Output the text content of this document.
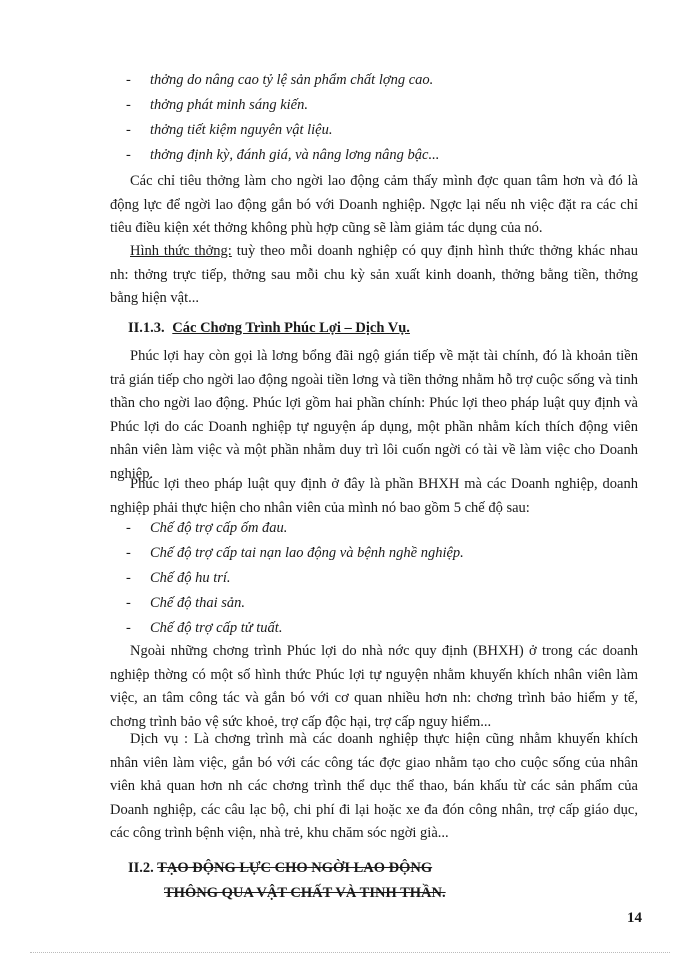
- thởng do nâng cao tỷ lệ sản phẩm chất lợng cao.
- thởng phát minh sáng kiến.
- thởng tiết kiệm nguyên vật liệu.
- thởng định kỳ, đánh giá, và nâng lơng nâng bậc...

Các chỉ tiêu thởng làm cho ngời lao động cảm thấy mình đợc quan tâm hơn và đó là động lực để ngời lao động gắn bó với Doanh nghiệp. Ngợc lại nếu nh việc đặt ra các chỉ tiêu điều kiện xét thởng không phù hợp cũng sẽ làm giảm tác dụng của nó.

Hình thức thởng: tuỳ theo mỗi doanh nghiệp có quy định hình thức thởng khác nhau nh: thởng trực tiếp, thởng sau mỗi chu kỳ sản xuất kinh doanh, thởng bằng tiền, thởng bằng hiện vật...

II.1.3. Các Chơng Trình Phúc Lợi – Dịch Vụ.

Phúc lợi hay còn gọi là lơng bổng đãi ngộ gián tiếp về mặt tài chính, đó là khoản tiền trả gián tiếp cho ngời lao động ngoài tiền lơng và tiền thởng nhằm hỗ trợ cuộc sống và tinh thần cho ngời lao động. Phúc lợi gồm hai phần chính: Phúc lợi theo pháp luật quy định và Phúc lợi do các Doanh nghiệp tự nguyện áp dụng, một phần nhằm kích thích động viên nhân viên làm việc và một phần nhằm duy trì lôi cuốn ngời có tài về làm việc cho Doanh nghiệp.

Phúc lợi theo pháp luật quy định ở đây là phần BHXH mà các Doanh nghiệp, doanh nghiệp phải thực hiện cho nhân viên của mình nó bao gồm 5 chế độ sau:

- Chế độ trợ cấp ốm đau.
- Chế độ trợ cấp tai nạn lao động và bệnh nghề nghiệp.
- Chế độ hu trí.
- Chế độ thai sản.
- Chế độ trợ cấp tử tuất.

Ngoài những chơng trình Phúc lợi do nhà nớc quy định (BHXH) ở trong các doanh nghiệp thờng có một số hình thức Phúc lợi tự nguyện nhằm khuyến khích nhân viên làm việc, an tâm công tác và gắn bó với cơ quan nhiều hơn nh: chơng trình bảo hiểm y tế, chơng trình bảo vệ sức khoẻ, trợ cấp độc hại, trợ cấp nguy hiểm...

Dịch vụ : Là chơng trình mà các doanh nghiệp thực hiện cũng nhằm khuyến khích nhân viên làm việc, gắn bó với các công tác đợc giao nhằm tạo cho cuộc sống của nhân viên khả quan hơn nh các chơng trình thể dục thể thao, bán khấu từ các sản phẩm của Doanh nghiệp, các câu lạc bộ, chi phí đi lại hoặc xe đa đón công nhân, trợ cấp giáo dục, các công trình bệnh viện, nhà trẻ, khu chăm sóc ngời già...

II.2. TẠO ĐỘNG LỰC CHO NGỜI LAO ĐỘNG
THÔNG QUA VẬT CHẤT VÀ TINH THẦN.
14
